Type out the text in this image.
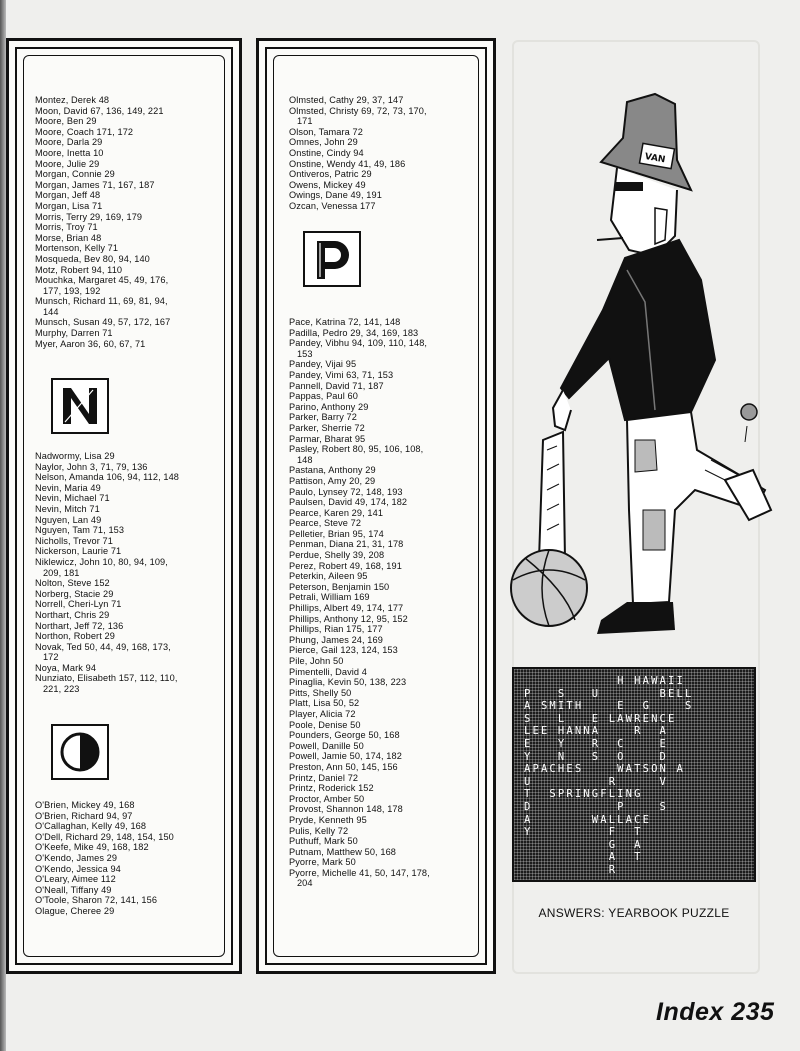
Montez, Derek 48
Moon, David 67, 136, 149, 221
Moore, Ben 29
Moore, Coach 171, 172
Moore, Darla 29
Moore, Inetta 10
Moore, Julie 29
Morgan, Connie 29
Morgan, James 71, 167, 187
Morgan, Jeff 48
Morgan, Lisa 71
Morris, Terry 29, 169, 179
Morris, Troy 71
Morse, Brian 48
Mortenson, Kelly 71
Mosqueda, Bev 80, 94, 140
Motz, Robert 94, 110
Mouchka, Margaret 45, 49, 176,
177, 193, 192
Munsch, Richard 11, 69, 81, 94,
144
Munsch, Susan 49, 57, 172, 167
Murphy, Darren 71
Myer, Aaron 36, 60, 67, 71
Nadwormy, Lisa 29
Naylor, John 3, 71, 79, 136
Nelson, Amanda 106, 94, 112, 148
Nevin, Maria 49
Nevin, Michael 71
Nevin, Mitch 71
Nguyen, Lan 49
Nguyen, Tam 71, 153
Nicholls, Trevor 71
Nickerson, Laurie 71
Niklewicz, John 10, 80, 94, 109,
209, 181
Nolton, Steve 152
Norberg, Stacie 29
Norrell, Cheri-Lyn 71
Northart, Chris 29
Northart, Jeff 72, 136
Northon, Robert 29
Novak, Ted 50, 44, 49, 168, 173,
172
Noya, Mark 94
Nunziato, Elisabeth 157, 112, 110,
221, 223
O'Brien, Mickey 49, 168
O'Brien, Richard 94, 97
O'Callaghan, Kelly 49, 168
O'Dell, Richard 29, 148, 154, 150
O'Keefe, Mike 49, 168, 182
O'Kendo, James 29
O'Kendo, Jessica 94
O'Leary, Aimee 112
O'Neall, Tiffany 49
O'Toole, Sharon 72, 141, 156
Olague, Cheree 29
Olmsted, Cathy 29, 37, 147
Olmsted, Christy 69, 72, 73, 170,
171
Olson, Tamara 72
Omnes, John 29
Onstine, Cindy 94
Onstine, Wendy 41, 49, 186
Ontiveros, Patric 29
Owens, Mickey 49
Owings, Dane 49, 191
Ozcan, Venessa 177
Pace, Katrina 72, 141, 148
Padilla, Pedro 29, 34, 169, 183
Pandey, Vibhu 94, 109, 110, 148,
153
Pandey, Vijai 95
Pandey, Vimi 63, 71, 153
Pannell, David 71, 187
Pappas, Paul 60
Parino, Anthony 29
Parker, Barry 72
Parker, Sherrie 72
Parmar, Bharat 95
Pasley, Robert 80, 95, 106, 108,
148
Pastana, Anthony 29
Pattison, Amy 20, 29
Paulo, Lynsey 72, 148, 193
Paulsen, David 49, 174, 182
Pearce, Karen 29, 141
Pearce, Steve 72
Pelletier, Brian 95, 174
Penman, Diana 21, 31, 178
Perdue, Shelly 39, 208
Perez, Robert 49, 168, 191
Peterkin, Aileen 95
Peterson, Benjamin 150
Petrali, William 169
Phillips, Albert 49, 174, 177
Phillips, Anthony 12, 95, 152
Phillips, Rian 175, 177
Phung, James 24, 169
Pierce, Gail 123, 124, 153
Pile, John 50
Pimentelli, David 4
Pinaglia, Kevin 50, 138, 223
Pitts, Shelly 50
Platt, Lisa 50, 52
Player, Alicia 72
Poole, Denise 50
Pounders, George 50, 168
Powell, Danille 50
Powell, Jamie 50, 174, 182
Preston, Ann 50, 145, 156
Printz, Daniel 72
Printz, Roderick 152
Proctor, Amber 50
Provost, Shannon 148, 178
Pryde, Kenneth 95
Pulis, Kelly 72
Puthuff, Mark 50
Putnam, Matthew 50, 168
Pyorre, Mark 50
Pyorre, Michelle 41, 50, 147, 178,
204
VAN
H HAWAII
P   S   U       BELL
A SMITH    E  G    S
S   L   E LAWRENCE
LEE HANNA    R  A
E   Y   R  C    E
Y   N   S  O    D
APACHES    WATSON A
U         R     V
T  SPRINGFLING
D          P    S
A       WALLACE
Y         F  T
G  A
A  T
R
ANSWERS: YEARBOOK PUZZLE
Index 235
